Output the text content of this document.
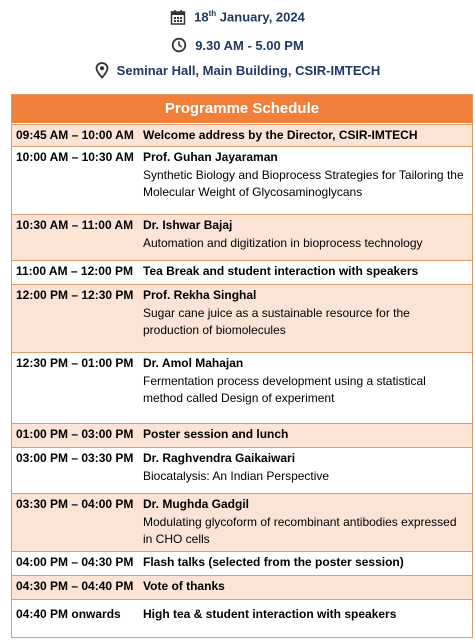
18th January, 2024
9.30 AM - 5.00 PM
Seminar Hall, Main Building, CSIR-IMTECH
Programme Schedule
09:45 AM – 10:00 AM Welcome address by the Director, CSIR-IMTECH
10:00 AM – 10:30 AM Prof. Guhan Jayaraman
Synthetic Biology and Bioprocess Strategies for Tailoring the Molecular Weight of Glycosaminoglycans
10:30 AM – 11:00 AM Dr. Ishwar Bajaj
Automation and digitization in bioprocess technology
11:00 AM – 12:00 PM Tea Break and student interaction with speakers
12:00 PM – 12:30 PM Prof. Rekha Singhal
Sugar cane juice as a sustainable resource for the production of biomolecules
12:30 PM – 01:00 PM Dr. Amol Mahajan
Fermentation process development using a statistical method called Design of experiment
01:00 PM – 03:00 PM Poster session and lunch
03:00 PM – 03:30 PM Dr. Raghvendra Gaikaiwari
Biocatalysis: An Indian Perspective
03:30 PM – 04:00 PM Dr. Mughda Gadgil
Modulating glycoform of recombinant antibodies expressed in CHO cells
04:00 PM – 04:30 PM Flash talks (selected from the poster session)
04:30 PM – 04:40 PM Vote of thanks
04:40 PM onwards High tea & student interaction with speakers
